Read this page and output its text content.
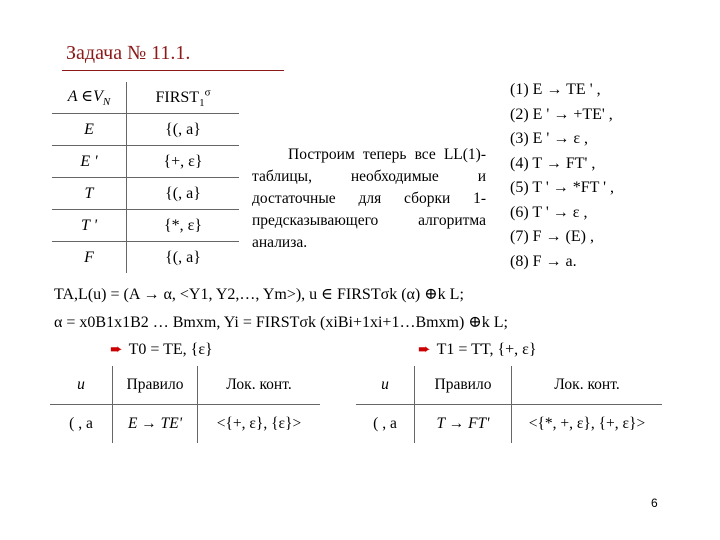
Задача № 11.1.
A $\in V_N$	$FIRST_1^\sigma$
E	{(, a}
E '	{+, ε}
T	{(, a}
T '	{*, ε}
F	{(, a}
Построим теперь все LL(1)-таблицы, необходимые и достаточные для сборки 1-предсказывающего алгоритма анализа.
(1) E → TE ' ,
(2) E ' → +TE' ,
(3) E ' → ε ,
(4) T → FT' ,
(5) T ' → *FT ' ,
(6) T ' → ε ,
(7) F → (E) ,
(8) F → a.
TA,L(u) = (A → α, <Y1, Y2,…, Ym>), u ∈ FIRSTσk (α) ⊕k L;
α = x0B1x1B2 … Bmxm, Yi = FIRSTσk (xiBi+1xi+1…Bmxm) ⊕k L;
➨ T0 = TE, {ε}	➨ T1 = TT, {+, ε}
u	Правило	Лок. конт.
( , a	E → TE'	<{+, ε}, {ε}>
u	Правило	Лок. конт.
( , a	T → FT'	<{*, +, ε}, {+, ε}>
6
